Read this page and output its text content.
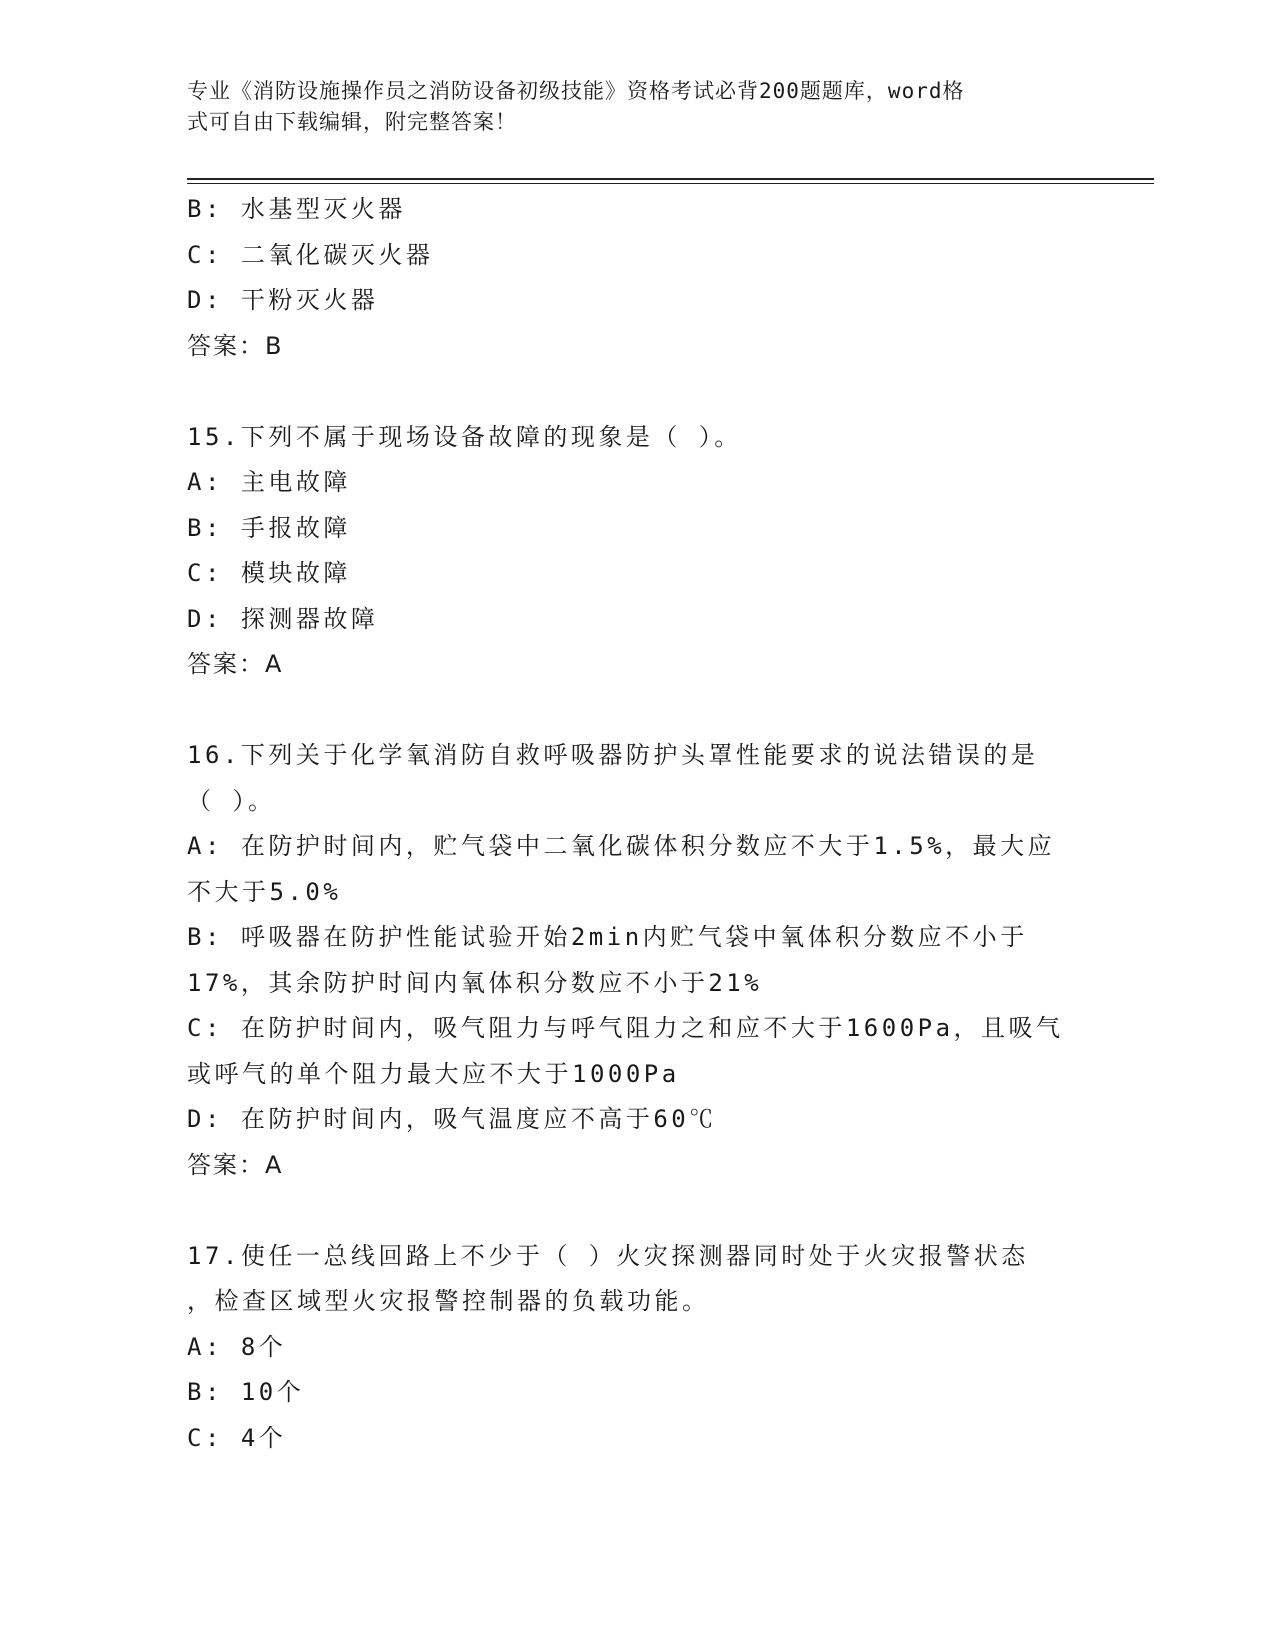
专业《消防设施操作员之消防设备初级技能》资格考试必背200题题库，word格
式可自由下载编辑，附完整答案！
B: 水基型灭火器
C: 二氧化碳灭火器
D: 干粉灭火器
答案：B
15.下列不属于现场设备故障的现象是（ ）。
A: 主电故障
B: 手报故障
C: 模块故障
D: 探测器故障
答案：A
16.下列关于化学氧消防自救呼吸器防护头罩性能要求的说法错误的是
（ ）。
A: 在防护时间内，贮气袋中二氧化碳体积分数应不大于1.5%，最大应
不大于5.0%
B: 呼吸器在防护性能试验开始2min内贮气袋中氧体积分数应不小于
17%，其余防护时间内氧体积分数应不小于21%
C: 在防护时间内，吸气阻力与呼气阻力之和应不大于1600Pa，且吸气
或呼气的单个阻力最大应不大于1000Pa
D: 在防护时间内，吸气温度应不高于60℃
答案：A
17.使任一总线回路上不少于（ ）火灾探测器同时处于火灾报警状态
，检查区域型火灾报警控制器的负载功能。
A: 8个
B: 10个
C: 4个
